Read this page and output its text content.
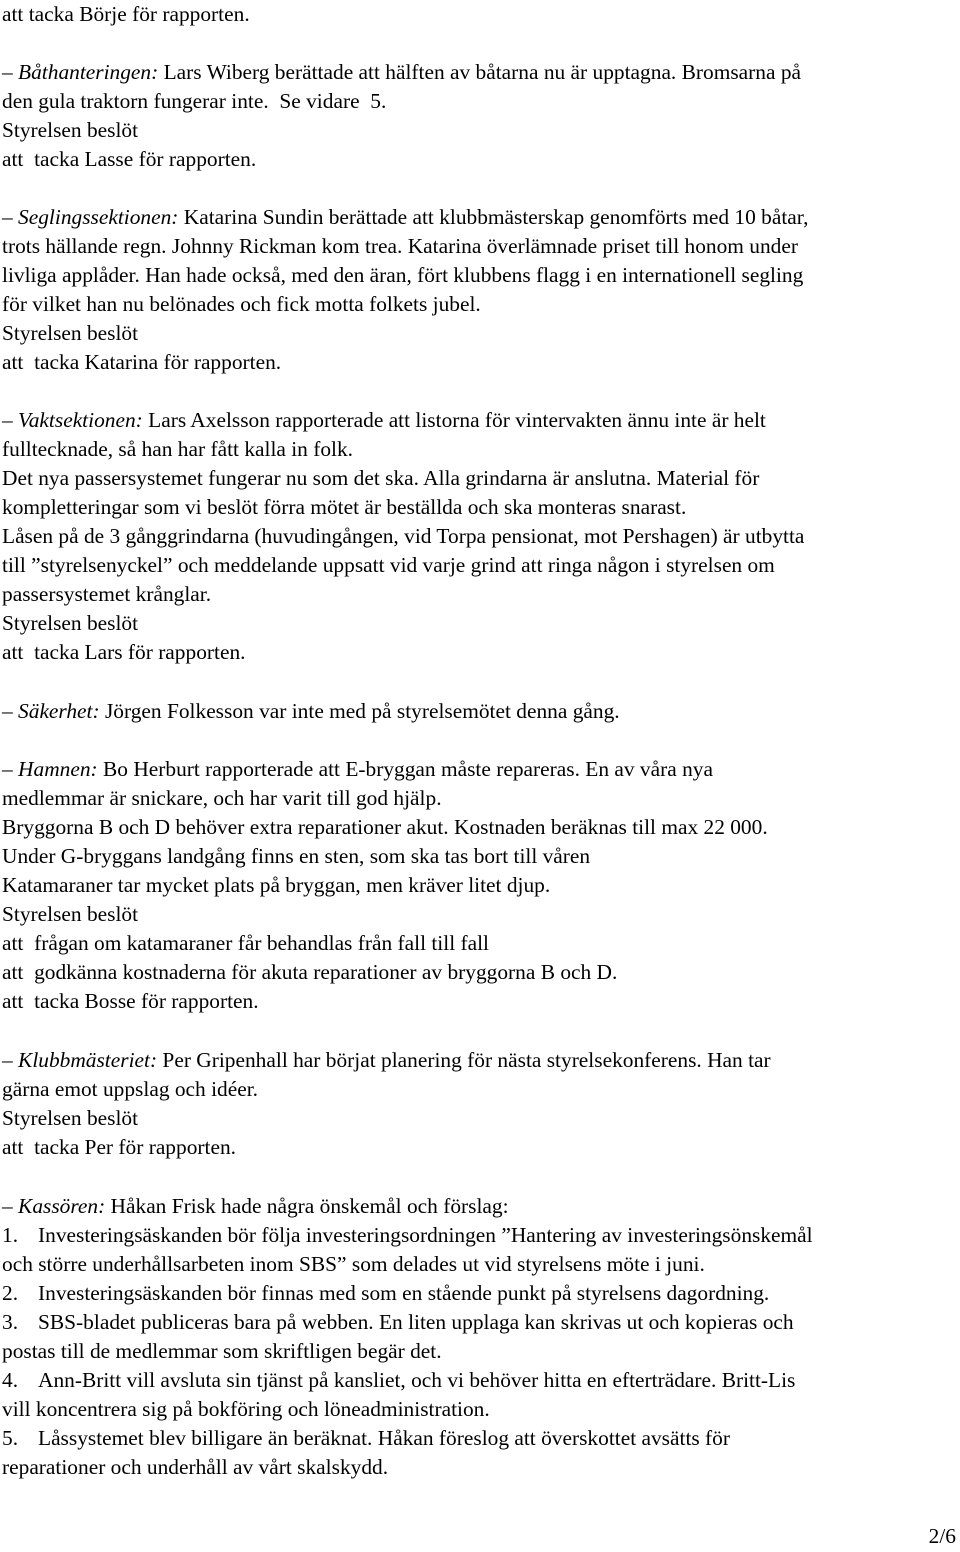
att tacka Börje för rapporten.
– Båthanteringen: Lars Wiberg berättade att hälften av båtarna nu är upptagna. Bromsarna på
den gula traktorn fungerar inte.  Se vidare  5.
Styrelsen beslöt
att  tacka Lasse för rapporten.
– Seglingssektionen: Katarina Sundin berättade att klubbmästerskap genomförts med 10 båtar,
trots hällande regn. Johnny Rickman kom trea. Katarina överlämnade priset till honom under
livliga applåder. Han hade också, med den äran, fört klubbens flagg i en internationell segling
för vilket han nu belönades och fick motta folkets jubel.
Styrelsen beslöt
att  tacka Katarina för rapporten.
– Vaktsektionen: Lars Axelsson rapporterade att listorna för vintervakten ännu inte är helt
fulltecknade, så han har fått kalla in folk.
Det nya passersystemet fungerar nu som det ska. Alla grindarna är anslutna. Material för
kompletteringar som vi beslöt förra mötet är beställda och ska monteras snarast.
Låsen på de 3 gånggrindarna (huvudingången, vid Torpa pensionat, mot Pershagen) är utbytta
till ”styrelsenyckel” och meddelande uppsatt vid varje grind att ringa någon i styrelsen om
passersystemet krånglar.
Styrelsen beslöt
att  tacka Lars för rapporten.
– Säkerhet: Jörgen Folkesson var inte med på styrelsemötet denna gång.
– Hamnen: Bo Herburt rapporterade att E-bryggan måste repareras. En av våra nya
medlemmar är snickare, och har varit till god hjälp.
Bryggorna B och D behöver extra reparationer akut. Kostnaden beräknas till max 22 000.
Under G-bryggans landgång finns en sten, som ska tas bort till våren
Katamaraner tar mycket plats på bryggan, men kräver litet djup.
Styrelsen beslöt
att  frågan om katamaraner får behandlas från fall till fall
att  godkänna kostnaderna för akuta reparationer av bryggorna B och D.
att  tacka Bosse för rapporten.
– Klubbmästeriet: Per Gripenhall har börjat planering för nästa styrelsekonferens. Han tar
gärna emot uppslag och idéer.
Styrelsen beslöt
att  tacka Per för rapporten.
– Kassören: Håkan Frisk hade några önskemål och förslag:
1. Investeringsäskanden bör följa investeringsordningen ”Hantering av investeringsönskemål
och större underhållsarbeten inom SBS” som delades ut vid styrelsens möte i juni.
2. Investeringsäskanden bör finnas med som en stående punkt på styrelsens dagordning.
3. SBS-bladet publiceras bara på webben. En liten upplaga kan skrivas ut och kopieras och
postas till de medlemmar som skriftligen begär det.
4. Ann-Britt vill avsluta sin tjänst på kansliet, och vi behöver hitta en efterträdare. Britt-Lis
vill koncentrera sig på bokföring och löneadministration.
5. Låssystemet blev billigare än beräknat. Håkan föreslog att överskottet avsätts för
reparationer och underhåll av vårt skalskydd.
2/6
